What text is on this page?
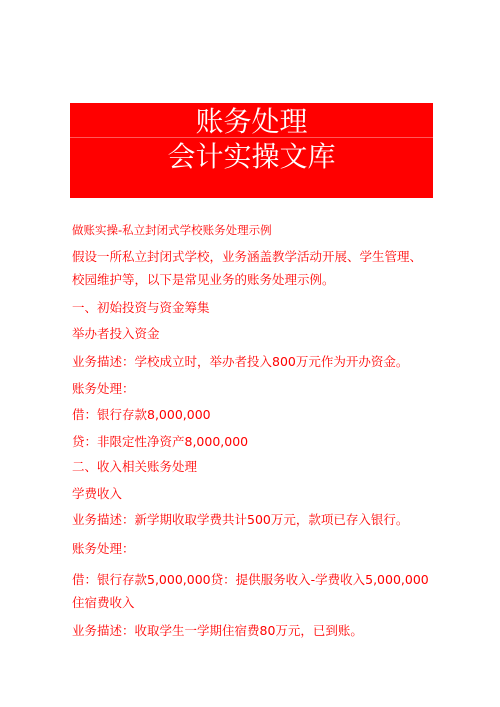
账务处理
会计实操文库
做账实操-私立封闭式学校账务处理示例
假设一所私立封闭式学校，业务涵盖教学活动开展、学生管理、
校园维护等，以下是常见业务的账务处理示例。
一、初始投资与资金筹集
举办者投入资金
业务描述：学校成立时，举办者投入800万元作为开办资金。
账务处理：
借：银行存款8,000,000
贷：非限定性净资产8,000,000
二、收入相关账务处理
学费收入
业务描述：新学期收取学费共计500万元，款项已存入银行。
账务处理：
借：银行存款5,000,000贷：提供服务收入-学费收入5,000,000
住宿费收入
业务描述：收取学生一学期住宿费80万元，已到账。
